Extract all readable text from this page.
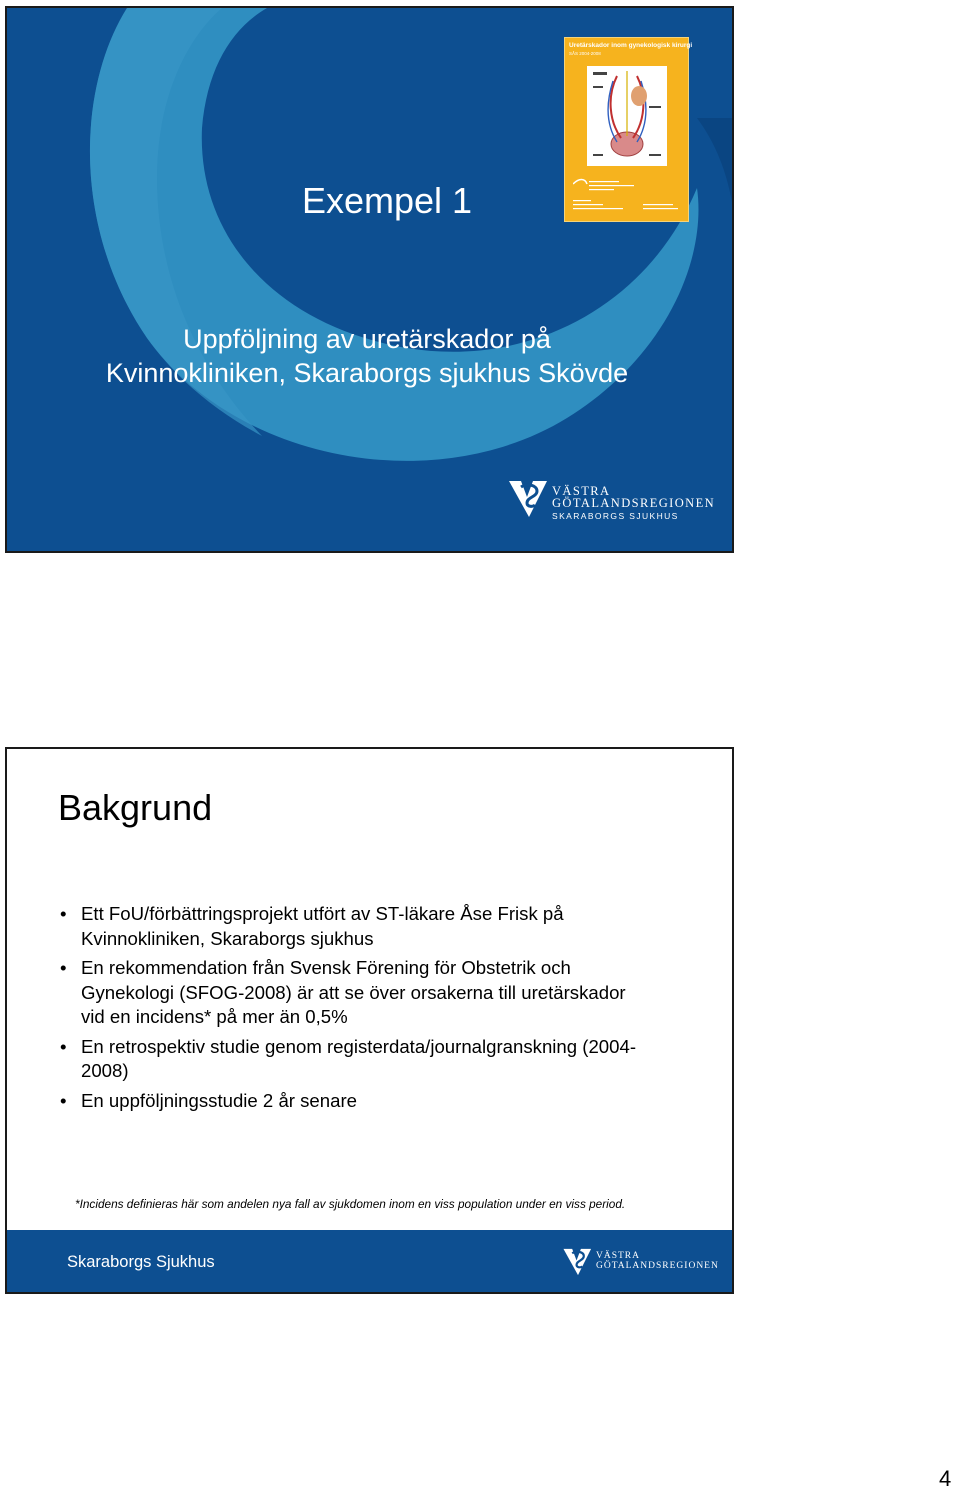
Exempel 1
Uppföljning av uretärskador på
Kvinnokliniken, Skaraborgs sjukhus Skövde
Uretärskador inom gynekologisk kirurgi
SÅS 2004-2008
VÄSTRA
GÖTALANDSREGIONEN
SKARABORGS SJUKHUS
Bakgrund
• Ett FoU/förbättringsprojekt utfört av ST-läkare Åse Frisk på
Kvinnokliniken, Skaraborgs sjukhus
• En rekommendation från Svensk Förening för Obstetrik och
Gynekologi (SFOG-2008) är att se över orsakerna till uretärskador
vid en incidens* på mer än 0,5%
• En retrospektiv studie genom registerdata/journalgranskning (2004-
2008)
• En uppföljningsstudie 2 år senare
*Incidens definieras här som andelen nya fall av sjukdomen inom en viss population under en viss period.
Skaraborgs Sjukhus	VÄSTRA
GÖTALANDSREGIONEN
4
